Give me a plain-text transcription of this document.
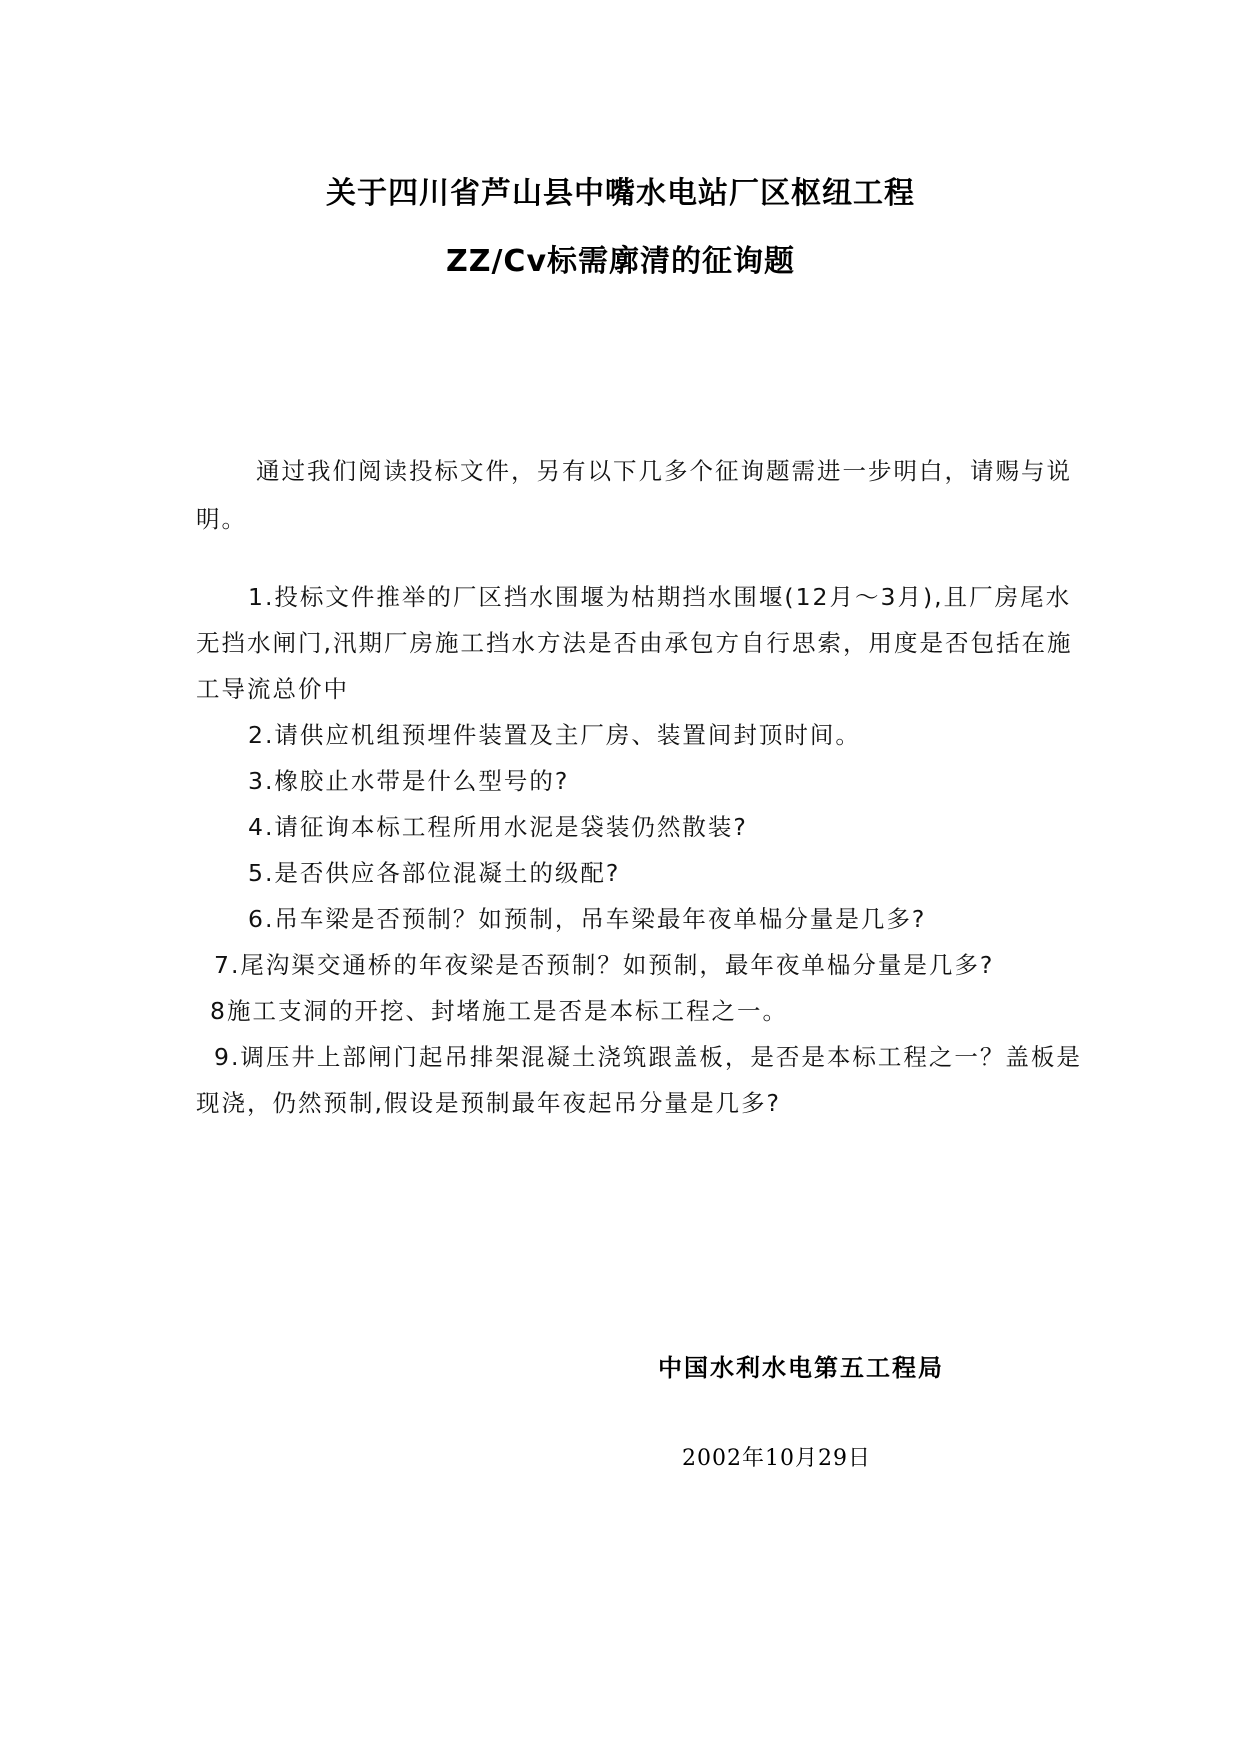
关于四川省芦山县中嘴水电站厂区枢纽工程
ZZ/Cⅴ标需廓清的征询题
通过我们阅读投标文件，另有以下几多个征询题需进一步明白，请赐与说
明。
1.投标文件推举的厂区挡水围堰为枯期挡水围堰(12月～3月),且厂房尾水
无挡水闸门,汛期厂房施工挡水方法是否由承包方自行思索，用度是否包括在施
工导流总价中
2.请供应机组预埋件装置及主厂房、装置间封顶时间。
3.橡胶止水带是什么型号的?
4.请征询本标工程所用水泥是袋装仍然散装?
5.是否供应各部位混凝土的级配?
6.吊车梁是否预制？如预制，吊车梁最年夜单榀分量是几多?
7.尾沟渠交通桥的年夜梁是否预制？如预制，最年夜单榀分量是几多?
8施工支洞的开挖、封堵施工是否是本标工程之一。
9.调压井上部闸门起吊排架混凝土浇筑跟盖板，是否是本标工程之一？盖板是
现浇，仍然预制,假设是预制最年夜起吊分量是几多?
中国水利水电第五工程局
2002年10月29日
